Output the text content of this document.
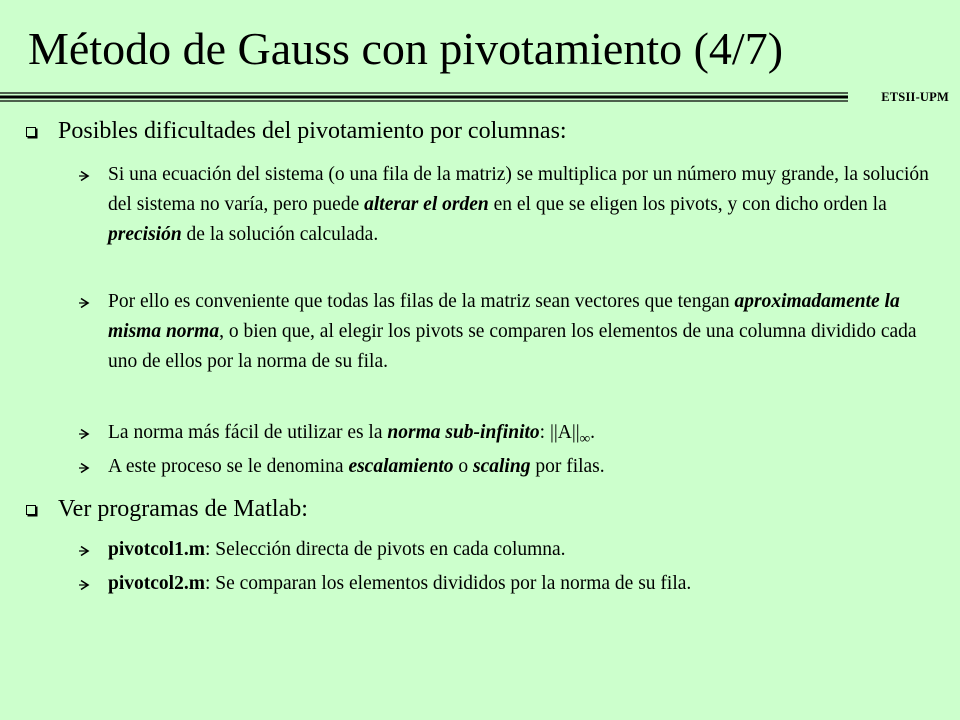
Método de Gauss con pivotamiento (4/7)
ETSII-UPM
Posibles dificultades del pivotamiento por columnas:
Si una ecuación del sistema (o una fila de la matriz) se multiplica por un número muy grande, la solución del sistema no varía, pero puede alterar el orden en el que se eligen los pivots, y con dicho orden la precisión de la solución calculada.
Por ello es conveniente que todas las filas de la matriz sean vectores que tengan aproximadamente la misma norma, o bien que, al elegir los pivots se comparen los elementos de una columna dividido cada uno de ellos por la norma de su fila.
La norma más fácil de utilizar es la norma sub-infinito: $||A||_\infty$.
A este proceso se le denomina escalamiento o scaling por filas.
Ver programas de Matlab:
pivotcol1.m: Selección directa de pivots en cada columna.
pivotcol2.m: Se comparan los elementos divididos por la norma de su fila.
